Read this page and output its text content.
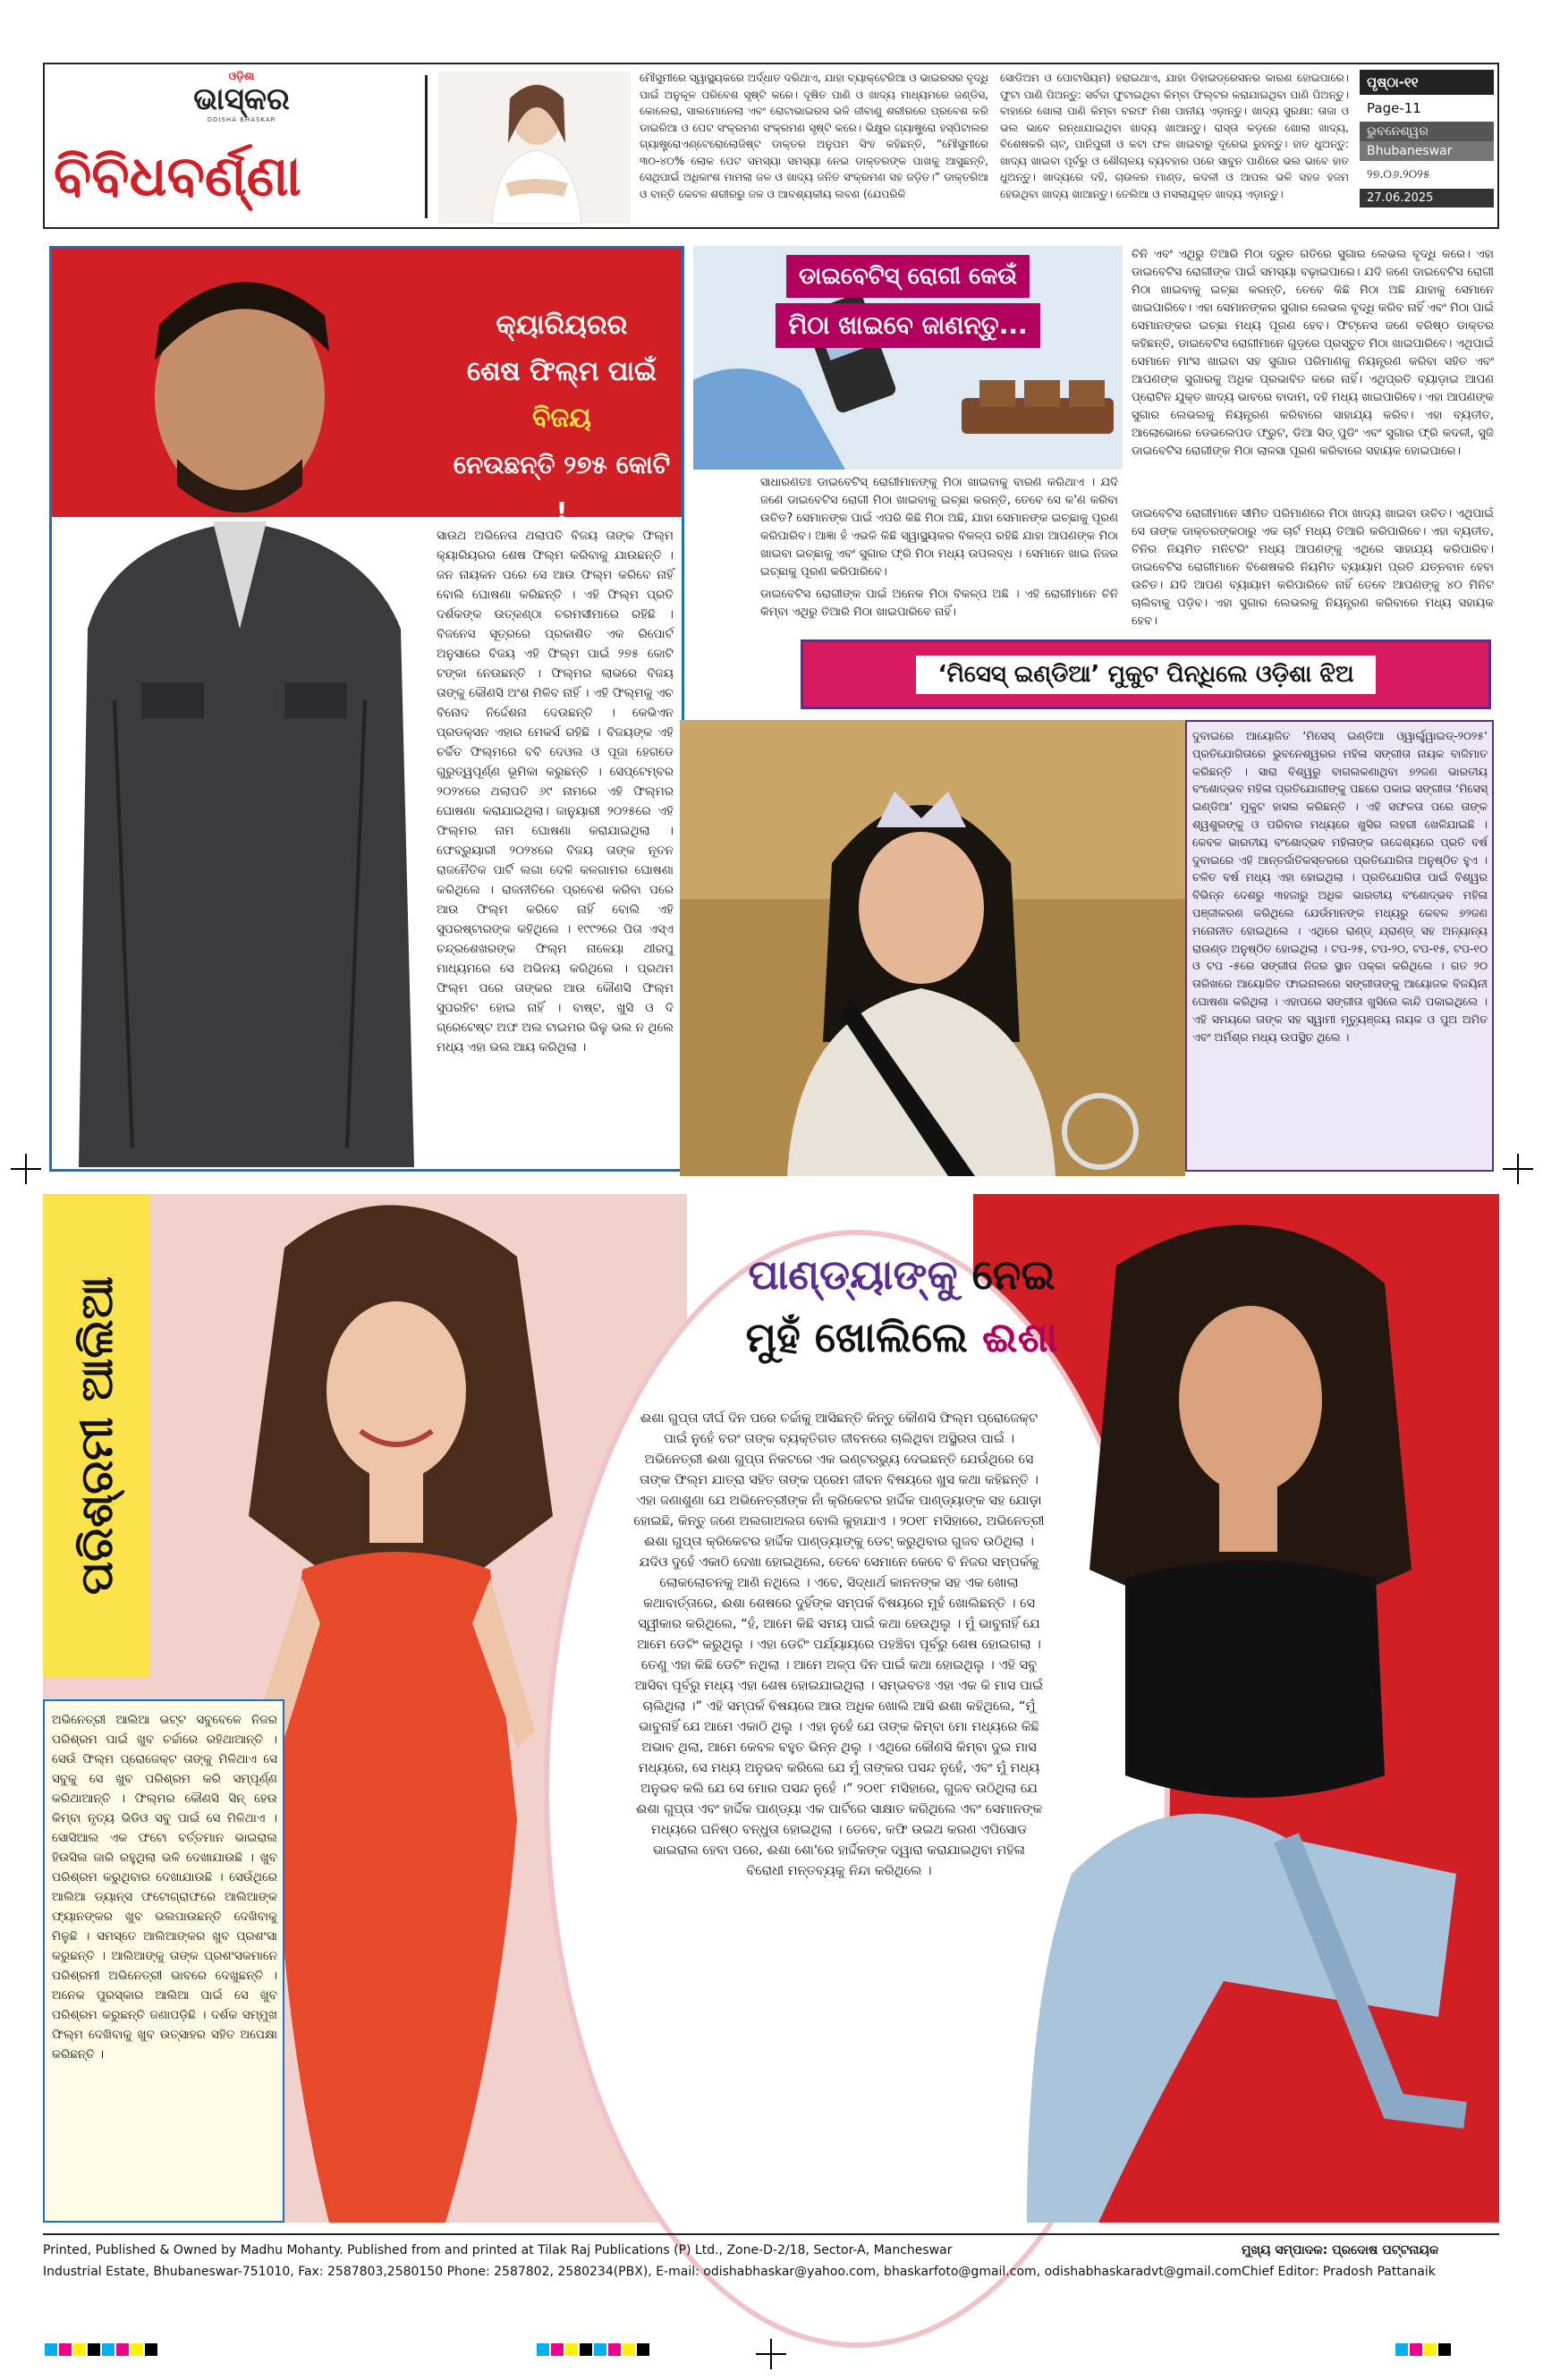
ଓଡ଼ିଶା
ଭାସ୍କର
ODISHA BHASKAR
ବିବିଧବର୍ଣ୍ଣା
ମୌସୁମୀରେ ସ୍ୱାସ୍ଥ୍ୟକରେ ଅର୍ଦ୍ଧାତ ଦରିଥାଏ, ଯାହା ବ୍ୟାକ୍ଟେରିଆ ଓ ଭାଇରସର ବୃଦ୍ଧି ପାଇଁ ଅନୁକୂଳ ପରିବେଶ ସୃଷ୍ଟି କରେ। ଦୂଷିତ ପାଣି ଓ ଖାଦ୍ୟ ମାଧ୍ୟମରେ ଜଣ୍ଡିସ, କୋଲେରା, ସାଲମୋନେଲା ଏବଂ ରୋଟାଭାଇରସ ଭଳି ଜୀବାଣୁ ଶରୀରରେ ପ୍ରବେଶ କରି ଡାଇରିଆ ଓ ପେଟ ସଂକ୍ରମଣ ସଂକ୍ରମଣ ସୃଷ୍ଟି କରେ। ଭିକ୍ଷୁର ଗ୍ୟାଷ୍ଟ୍ରୋ ହସ୍ପିଟାଲର ଗ୍ୟାଷ୍ଟ୍ରୋଏଣ୍ଟେରୋଲୋଜିଷ୍ଟ ଡାକ୍ତର ଅନୁପମ ସିଂହ କହିଛନ୍ତି, “ମୌସୁମୀରେ ୩୦-୪୦% ଲୋକ ପେଟ ସମସ୍ୟା ସମସ୍ୟା ନେଇ ଡାକ୍ତରଙ୍କ ପାଖକୁ ଆସୁଛନ୍ତି, ସେଥିପାଇଁ ଅଧିକାଂଶ ମାମଲା ଜଳ ଓ ଖାଦ୍ୟ ଜନିତ ସଂକ୍ରମଣ ସହ ଜଡ଼ିତ।” ଡାକ୍ତରିଆ ଓ ବାନ୍ତି କେବଳ ଶରୀରରୁ ଜଳ ଓ ଆବଶ୍ୟକୀୟ ଲବଣ (ଯେପରିକି
ସୋଡିଅମ ଓ ପୋଟାସିୟମ) ହରାଇଥାଏ, ଯାହା ଡିହାଇଡ୍ରେସନର କାରଣ ହୋଇପାରେ। ଫୁଟା ପାଣି ପିଅନ୍ତୁ: ସର୍ବଦା ଫୁଟାଇଥିବା କିମ୍ବା ଫିଲ୍ଟର କରାଯାଇଥିବା ପାଣି ପିଅନ୍ତୁ। ବାହାରେ ଖୋଲା ପାଣି କିମ୍ବା ବରଫ ମିଶା ପାନୀୟ ଏଡ଼ାନ୍ତୁ। ଖାଦ୍ୟ ସୁରକ୍ଷା: ତାଜା ଓ ଭଲ ଭାବେ ରନ୍ଧାଯାଇଥିବା ଖାଦ୍ୟ ଖାଆନ୍ତୁ। ରାସ୍ତା କଡ଼ରେ ଖୋଲା ଖାଦ୍ୟ, ବିଶେଷକରି ଚାଟ୍, ପାନିପୁରୀ ଓ କଟା ଫଳ ଖାଇବାରୁ ଦୂରେଇ ରୁହନ୍ତୁ। ହାତ ଧୁଅନ୍ତୁ: ଖାଦ୍ୟ ଖାଇବା ପୂର୍ବରୁ ଓ ଶୌଚାଳୟ ବ୍ୟବହାର ପରେ ସାବୁନ ପାଣିରେ ଭଲ ଭାବେ ହାତ ଧୁଅନ୍ତୁ। ଖାଦ୍ୟରେ ଦହି, ଚାଉଳର ମାଣ୍ଡ, କଦଳୀ ଓ ଆପଲ ଭଳି ସହଜ ହଜମ ହେଉଥିବା ଖାଦ୍ୟ ଖାଆନ୍ତୁ। ତେଲିଆ ଓ ମସଲାଯୁକ୍ତ ଖାଦ୍ୟ ଏଡ଼ାନ୍ତୁ।
ପୃଷ୍ଠା-୧୧
Page-11
ଭୁବନେଶ୍ୱର
Bhubaneswar
୨୭.୦୬.୨୦୨୫
27.06.2025
କ୍ୟାରିୟରର
ଶେଷ ଫିଲ୍ମ ପାଇଁ ବିଜୟ
ନେଉଛନ୍ତି ୨୭୫ କୋଟି !
ସାଉଥ ଅଭିନେତା ଥଲାପତି ବିଜୟ ତାଙ୍କ ଫିଲ୍ମ କ୍ୟାରିୟରର ଶେଷ ଫିଲ୍ମ କରିବାକୁ ଯାଉଛନ୍ତି । ଜନ ନାୟକନ ପରେ ସେ ଆଉ ଫିଲ୍ମ କରିବେ ନାହିଁ ବୋଲି ଘୋଷଣା କରିଛନ୍ତି । ଏହି ଫିଲ୍ମ ପ୍ରତି ଦର୍ଶକଙ୍କ ଉତ୍କଣ୍ଠା ଚରମସୀମାରେ ରହିଛି । ବିଜନେସ ସୂତ୍ରରେ ପ୍ରକାଶିତ ଏକ ରିପୋର୍ଟ ଅନୁସାରେ ବିଜୟ ଏହି ଫିଲ୍ମ ପାଇଁ ୨୭୫ କୋଟି ଟଙ୍କା ନେଉଛନ୍ତି । ଫିଲ୍ମର ଲାଭରେ ବିଜୟ ତାଙ୍କୁ କୌଣସି ଅଂଶ ମିଳିବ ନାହିଁ । ଏହି ଫିଲ୍ମକୁ ଏଚ ବିନୋଦ ନିର୍ଦ୍ଦେଶନା ଦେଉଛନ୍ତି । କେଭିଏନ ପ୍ରଡକ୍ସନ ଏହାର ମେକର୍ସ ରହିଛି । ବିଜୟଙ୍କ ଏହି ଚର୍ଚ୍ଚିତ ଫିଲ୍ମରେ ବବି ଦେଓଲ ଓ ପୂଜା ହେଗଡେ ଗୁରୁତ୍ୱପୂର୍ଣ୍ଣ ଭୂମିକା କରୁଛନ୍ତି । ସେପ୍ଟେମ୍ବର ୨୦୨୪ରେ ଥଲାପତି ୬୯ ନାମରେ ଏହି ଫିଲ୍ମର ଘୋଷଣା କରାଯାଇଥିଲା। ଜାନୁୟାରୀ ୨୦୨୫ରେ ଏହି ଫିଲ୍ମର ନାମ ଘୋଷଣା କରାଯାଇଥିଲା । ଫେବ୍ରୁୟାରୀ ୨୦୨୪ରେ ବିଜୟ ତାଙ୍କ ନୂତନ ରାଜନୈତିକ ପାର୍ଟି ଲଗା ଦେଳି କଳଗାମର ଘୋଷଣା କରିଥିଲେ । ରାଜନୀତିରେ ପ୍ରବେଶ କରିବା ପରେ ଆଉ ଫିଲ୍ମ କରିବେ ନାହିଁ ବୋଲି ଏହି ସୁପରଷ୍ଟାରଙ୍କ କହିଥିଲେ । ୧୯୯୨ରେ ପିତା ଏସ୍‍ଏ ଚନ୍ଦ୍ରଶେଖରଙ୍କ ଫିଲ୍ମ ନାଳେୟା ଥୀରପୁ ମାଧ୍ୟମରେ ସେ ଅଭିନୟ କରିଥିଲେ । ପ୍ରଥମ ଫିଲ୍ମ ପରେ ତାଙ୍କର ଆଉ କୌଣସି ଫିଲ୍ମ ସୁପରହିଟ ହୋଇ ନାହିଁ । ବାଷ୍ଟ, ଖୁସି ଓ ଦି ଗ୍ରେଟେଷ୍ଟ ଅଫ ଅଲ ଟାଇମର ଭିଳୁ ଭଲ ନ ଥିଲେ ମଧ୍ୟ ଏହା ଭଲ ଆୟ କରିଥିଲା ।
ଡାଇବେଟିସ୍ ରୋଗୀ କେଉଁ
ମିଠା ଖାଇବେ ଜାଣନ୍ତୁ...
ସାଧାରଣତଃ ଡାଇବେଟିସ୍ ରୋଗୀମାନଙ୍କୁ ମିଠା ଖାଇବାକୁ ବାରଣ କରିଥାଏ । ଯଦି ଜଣେ ଡାଇବେଟିସ ରୋଗୀ ମିଠା ଖାଇବାକୁ ଇଚ୍ଛା କରନ୍ତି, ତେବେ ସେ କ'ଣ କରିବା ଉଚିତ? ସେମାନଙ୍କ ପାଇଁ ଏପରି କିଛି ମିଠା ଅଛି, ଯାହା ସେମାନଙ୍କ ଇଚ୍ଛାକୁ ପୂରଣ କରିପାରିବ। ଆଜ୍ଞା ହଁ ଏଭଳି କିଛି ସ୍ୱାସ୍ଥ୍ୟକର ବିକଳ୍ପ ରହିଛି ଯାହା ଆପଣଙ୍କ ମିଠା ଖାଇବା ଇଚ୍ଛାକୁ ଏବଂ ସୁଗାର ଫ୍ରି ମିଠା ମଧ୍ୟ ଉପଲବ୍ଧ । ସେମାନେ ଖାଇ ନିଜର ଇଚ୍ଛାକୁ ପୂରଣ କରିପାରିବେ।
ଡାଇବେଟିସ ରୋଗୀଙ୍କ ପାଇଁ ଅନେକ ମିଠା ବିକଳ୍ପ ଅଛି । ଏହି ରୋଗୀମାନେ ଚିନି କିମ୍ବା ଏଥିରୁ ତିଆରି ମିଠା ଖାଇପାରିବେ ନାହିଁ।
ଚିନି ଏବଂ ଏଥିରୁ ତିଆରି ମିଠା ଦ୍ରୁତ ଗତିରେ ସୁଗାର ଲେଭଲ ବୃଦ୍ଧି କରେ। ଏହା ଡାଇବେଟିସ ରୋଗୀଙ୍କ ପାଇଁ ସମସ୍ୟା ବଢ଼ାଇପାରେ। ଯଦି ଜଣେ ଡାଇବେଟିସ ରୋଗୀ ମିଠା ଖାଇବାକୁ ଇଚ୍ଛା କରନ୍ତି, ତେବେ କିଛି ମିଠା ଅଛି ଯାହାକୁ ସେମାନେ ଖାଇପାରିବେ। ଏହା ସେମାନଙ୍କର ସୁଗାର ଲେଭଲ ବୃଦ୍ଧି କରିବ ନାହିଁ ଏବଂ ମିଠା ପାଇଁ ସେମାନଙ୍କର ଇଚ୍ଛା ମଧ୍ୟ ପୂରଣ ହେବ। ଫିଟ୍ନେସ ଜଣେ ବରିଷ୍ଠ ଡାକ୍ତର କହିଛନ୍ତି, ଡାଇବେଟିସ ରୋଗୀମାନେ ଗୁଡ଼ରେ ପ୍ରସ୍ତୁତ ମିଠା ଖାଇପାରିବେ। ଏଥିପାଇଁ ସେମାନେ ମାଂସ ଖାଇବା ସହ ସୁଗାର ପରିମାଣକୁ ନିୟନ୍ତ୍ରଣ କରିବା ସହିତ ଏବଂ ଆପଣଙ୍କ ସୁଗାରକୁ ଅଧିକ ପ୍ରଭାବିତ କରେ ନାହିଁ। ଏଥିପ୍ରତି ବ୍ୟାଡ଼ାଇ ଆପଣ ପ୍ରୋଟିନ ଯୁକ୍ତ ଖାଦ୍ୟ ଭାବରେ ବାଦାମ, ଦହି ମଧ୍ୟ ଖାଇପାରିବେ। ଏହା ଆପଣଙ୍କ ସୁଗାର ଲେଭଲକୁ ନିୟନ୍ତ୍ରଣ କରିବାରେ ସାହାଯ୍ୟ କରିବ। ଏହା ବ୍ୟତୀତ, ଆଲୋଭୋରେ ଡେଭଲେପଡ ଫ୍ରୁଟ, ଡିଆ ସିଡ୍ ପୁଡିଂ ଏବଂ ସୁଗାର ଫ୍ରି କଦଳୀ, ସୁଜି ଡାଇବେଟିସ ରୋଗୀଙ୍କ ମିଠା ଲାଳସା ପୂରଣ କରିବାରେ ସହାୟକ ହୋଇପାରେ।
ଡାଇବେଟିସ ରୋଗୀମାନେ ସୀମିତ ପରିମାଣରେ ମିଠା ଖାଦ୍ୟ ଖାଇବା ଉଚିତ। ଏଥିପାଇଁ ସେ ତାଙ୍କ ଡାକ୍ତରଙ୍କଠାରୁ ଏକ ଚାର୍ଟ ମଧ୍ୟ ତିଆରି କରିପାରିବେ। ଏହା ବ୍ୟତୀତ, ଚିନିର ନିୟମିତ ମନିଟରିଂ ମଧ୍ୟ ଆପଣଙ୍କୁ ଏଥିରେ ସାହାଯ୍ୟ କରିପାରିବ। ଡାଇବେଟିସ ରୋଗୀମାନେ ବିଶେଷକରି ନିୟମିତ ବ୍ୟାୟାମ ପ୍ରତି ଯତ୍ନବାନ ହେବା ଉଚିତ। ଯଦି ଆପଣ ବ୍ୟାୟାମ କରିପାରିବେ ନାହିଁ ତେବେ ଆପଣଙ୍କୁ ୪୦ ମିନିଟ ଚାଲିବାକୁ ପଡ଼ିବ। ଏହା ସୁଗାର ଲେଭଲକୁ ନିୟନ୍ତ୍ରଣ କରିବାରେ ମଧ୍ୟ ସହାୟକ ହେବ।
‘ମିସେସ୍ ଇଣ୍ଡିଆ’ ମୁକୁଟ ପିନ୍ଧିଲେ ଓଡ଼ିଶା ଝିଅ
ଦୁବାଇରେ ଆୟୋଜିତ ‘ମିସେସ୍ ଇଣ୍ଡିଆ ଓ୍ୱାର୍ଲ୍ଡ୍ୱାଇଡ୍-୨୦୨୫’ ପ୍ରତିଯୋଗିତାରେ ଭୁବନେଶ୍ୱରର ମହିଳା ସଙ୍ଗୀତା ନାୟକ ବାଜିମାତ କରିଛନ୍ତି । ସାରା ବିଶ୍ୱରୁ ବାଗଲକଣାଥିବା ୭୨ଜଣ ଭାରତୀୟ ବଂଶୋଦ୍ଭବ ମହିଳା ପ୍ରତିଯୋଗୀଙ୍କୁ ପଛରେ ପକାଇ ସଙ୍ଗୀତା ‘ମିସେସ୍ ଇଣ୍ଡିଆ’ ମୁକୁଟ ହାସଲ କରିଛନ୍ତି । ଏହି ସଫଳତା ପରେ ତାଙ୍କ ଶ୍ୱଶୁରଙ୍କୁ ଓ ପରିବାର ମଧ୍ୟରେ ଖୁସିର ଲହରୀ ଖେଳିଯାଇଛି । କେବଳ ଭାରତୀୟ ବଂଶୋଦ୍ଭବ ମହିଳାଙ୍କ ଉଦ୍ଦେଶ୍ୟରେ ପ୍ରତି ବର୍ଷ ଦୁବାଇରେ ଏହି ଆନ୍ତର୍ଜାତିକସ୍ତରରେ ପ୍ରତିଯୋଗିତା ଅନୁଷ୍ଠିତ ହୁଏ । ଚଳିତ ବର୍ଷ ମଧ୍ୟ ଏହା ହୋଇଥିଲା । ପ୍ରତିଯୋଗିତା ପାଇଁ ବିଶ୍ୱର ବିଭିନ୍ନ ଦେଶରୁ ୩ହଜାରୁ ଅଧିକ ଭାରତୀୟ ବଂଶୋଦ୍ଭବ ମହିଳା ପଞ୍ଜୀକରଣ କରିଥିଲେ ଯେଉଁମାନଙ୍କ ମଧ୍ୟରୁ କେବଳ ୭୨ଜଣ ମନୋନୀତ ହୋଇଥିଲେ । ଏଥିରେ ରାଣ୍ଡ୍ ଯ୍ରାଣ୍ଡ୍ ସହ ଅନ୍ୟାନ୍ୟ ରାଉଣ୍ଡ ଅନୁଷ୍ଠିତ ହୋଇଥିଲା । ଟପ-୨୫, ଟପ-୨୦, ଟପ-୧୫, ଟପ-୧୦ ଓ ଟପ -୫ରେ ସଙ୍ଗୀତା ନିଜର ସ୍ଥାନ ପକ୍କା କରିଥିଲେ । ଗତ ୨୦ ତାରିଖରେ ଆୟୋଜିତ ଫାଇନାଲରେ ସଙ୍ଗୀତାଙ୍କୁ ଆୟୋଜକ ବିଜୟିନୀ ଘୋଷଣା କରିଥିଲା । ଏହାପରେ ସଙ୍ଗୀତା ଖୁସିରେ କାନ୍ଦି ପକାଇଥିଲେ । ଏହି ସମୟରେ ତାଙ୍କ ସହ ସ୍ୱାମୀ ମୃତ୍ୟୁଞ୍ଜୟ ନାୟକ ଓ ପୁଅ ଅମିତ ଏବଂ ଅର୍ମିଶ୍ର ମଧ୍ୟ ଉପସ୍ଥିତ ଥିଲେ ।
ପରିଶ୍ରମୀ ଆଲିଆ
ଅଭିନେତ୍ରୀ ଆଲିଆ ଭଟ୍ଟ ସବୁବେଳେ ନିଜର ପରିଶ୍ରମ ପାଇଁ ଖୁବ ଚର୍ଚ୍ଚାରେ ରହିଥାଆନ୍ତି । ସେଉଁ ଫିଲ୍ମ ପ୍ରୋଜେକ୍ଟ ତାଙ୍କୁ ମିଳିଥାଏ ସେ ସବୁକୁ ସେ ଖୁବ ପରିଶ୍ରମ କରି ସମ୍ପୂର୍ଣ୍ଣ କରିଥାଆନ୍ତି । ଫିଲ୍ମର କୌଣସି ସିନ୍ ହେଉ କିମ୍ବା ନୃତ୍ୟ ଭିଡିଓ ସବୁ ପାଇଁ ସେ ମିଳିଥାଏ । ସୋସିଆଲ ଏକ ଫଟୋ ବର୍ତ୍ତମାନ ଭାଇରାଲ ହିଉସିଲ ଜାରି ରହୁଥିଲା ଭଳି ଦେଖାଯାଉଛି । ଖୁବ ପରିଶ୍ରମ କରୁଥିବାର ଦେଖାଯାଉଛି । ସେଉଁଥିରେ ଆଲିଆ ଡ୍ୟାନ୍ସ ଫଟୋଗ୍ରାଫରେ ଆଲିଆଙ୍କ ଫ୍ୟାନଙ୍କର ଖୁବ ଭଲପାଉଛନ୍ତି ଦେଖିବାକୁ ମିଳୁଛି । ସମସ୍ତେ ଆଲିଆଙ୍କର ଖୁବ ପ୍ରଶଂସା କରୁଛନ୍ତି । ଆଲିଆଙ୍କୁ ତାଙ୍କ ପ୍ରଶଂସକମାନେ ପରିଶ୍ରମୀ ଅଭିନେତ୍ରୀ ଭାବରେ ଦେଖୁଛନ୍ତି । ଅନେକ ପୁରସ୍କାର ଆଲିଆ ପାଇଁ ସେ ଖୁବ ପରିଶ୍ରମ କରୁଛନ୍ତି ଜଣାପଡ଼ିଛି । ଦର୍ଶକ ସମ୍ମୁଖ ଫିଲ୍ମ ଦେଖିବାକୁ ଖୁବ ଉତ୍ସାହର ସହିତ ଅପେକ୍ଷା କରିଛନ୍ତି ।
ପାଣ୍ଡ୍ୟାଙ୍କୁ ନେଇ
ମୁହଁ ଖୋଲିଲେ ଈଶା
ଈଶା ଗୁପ୍ତା ଦୀର୍ଘ ଦିନ ପରେ ଚର୍ଚ୍ଚାକୁ ଆସିଛନ୍ତି କିନ୍ତୁ କୌଣସି ଫିଲ୍ମ ପ୍ରୋଜେକ୍ଟ ପାଇଁ ନୁହେଁ ବରଂ ତାଙ୍କ ବ୍ୟକ୍ତିଗତ ଜୀବନରେ ଚାଲିଥିବା ଅସ୍ଥିରତା ପାଇଁ । ଅଭିନେତ୍ରୀ ଈଶା ଗୁପ୍ତା ନିକଟରେ ଏକ ଇଣ୍ଟରଭ୍ୟୁ ଦେଇଛନ୍ତି ଯେଉଁଥିରେ ସେ ତାଙ୍କ ଫିଲ୍ମ ଯାତ୍ରା ସହିତ ତାଙ୍କ ପ୍ରେମ ଜୀବନ ବିଷୟରେ ଖୁସ କଥା କହିଛନ୍ତି । ଏହା ଜଣାଶୁଣା ଯେ ଅଭିନେତ୍ରୀଙ୍କ ନାଁ କ୍ରିକେଟର ହାର୍ଦ୍ଦିକ ପାଣ୍ଡ୍ୟାଙ୍କ ସହ ଯୋଡ଼ା ହୋଇଛି, କିନ୍ତୁ ଜଣେ ଅଲଗାଅଲଗ ବୋଲି କୁହାଯାଏ । ୨୦୧୮ ମସିହାରେ, ଅଭିନେତ୍ରୀ ଈଶା ଗୁପ୍ତା କ୍ରିକେଟର ହାର୍ଦ୍ଦିକ ପାଣ୍ଡ୍ୟାଙ୍କୁ ଡେଟ୍ କରୁଥିବାର ଗୁଜବ ଉଠିଥିଲା । ଯଦିଓ ଦୁହେଁ ଏକାଠି ଦେଖା ହୋଇଥିଲେ, ତେବେ ସେମାନେ କେବେ ବି ନିଜର ସମ୍ପର୍କକୁ ଲୋକଲୋଚନକୁ ଆଣି ନଥିଲେ । ଏବେ, ସିଦ୍ଧାର୍ଥ କାନନଙ୍କ ସହ ଏକ ଖୋଲା କଥାବାର୍ତ୍ତାରେ, ଈଶା ଶେଷରେ ଦୁହିଁଙ୍କ ସମ୍ପର୍କ ବିଷୟରେ ମୁହଁ ଖୋଲିଛନ୍ତି । ସେ ସ୍ୱୀକାର କରିଥିଲେ, “ହଁ, ଆମେ କିଛି ସମୟ ପାଇଁ କଥା ହେଉଥିଲୁ । ମୁଁ ଭାବୁନାହିଁ ଯେ ଆମେ ଡେଟିଂ କରୁଥିଲୁ । ଏହା ଡେଟିଂ ପର୍ଯ୍ୟାୟରେ ପହଞ୍ଚିବା ପୂର୍ବରୁ ଶେଷ ହୋଇଗଲା । ତେଣୁ ଏହା କିଛି ଡେଟିଂ ନଥିଲା । ଆମେ ଅଳ୍ପ ଦିନ ପାଇଁ କଥା ହୋଇଥିଲୁ । ଏହି ସବୁ ଆସିବା ପୂର୍ବରୁ ମଧ୍ୟ ଏହା ଶେଷ ହୋଇଯାଇଥିଲା । ସମ୍ଭବତଃ ଏହା ଏକ କି ମାସ ପାଇଁ ଚାଲିଥିଲା ।” ଏହି ସମ୍ପର୍କ ବିଷୟରେ ଆଉ ଅଧିକ ଖୋଲି ଆସି ଈଶା କହିଥିଲେ, “ମୁଁ ଭାବୁନାହିଁ ଯେ ଆମେ ଏକାଠି ଥିଲୁ । ଏହା ନୁହେଁ ଯେ ତାଙ୍କ କିମ୍ବା ମୋ ମଧ୍ୟରେ କିଛି ଅଭାବ ଥିଲା, ଆମେ କେବଳ ବହୁତ ଭିନ୍ନ ଥିଲୁ । ଏଥିରେ କୌଣସି କିମ୍ବା ଦୁଇ ମାସ ମଧ୍ୟରେ, ସେ ମଧ୍ୟ ଅନୁଭବ କରିଲେ ଯେ ମୁଁ ତାଙ୍କର ପସନ୍ଦ ନୁହେଁ, ଏବଂ ମୁଁ ମଧ୍ୟ ଅନୁଭବ କଲି ଯେ ସେ ମୋର ପସନ୍ଦ ନୁହେଁ ।” ୨୦୧୮ ମସିହାରେ, ଗୁଜବ ଉଠିଥିଲା ଯେ ଈଶା ଗୁପ୍ତା ଏବଂ ହାର୍ଦ୍ଦିକ ପାଣ୍ଡ୍ୟା ଏକ ପାର୍ଟିରେ ସାକ୍ଷାତ କରିଥିଲେ ଏବଂ ସେମାନଙ୍କ ମଧ୍ୟରେ ଘନିଷ୍ଠ ବନ୍ଧୁତା ହୋଇଥିଲା । ତେବେ, କଫି ଉଇଥ କରଣ ଏପିସୋଡ ଭାଇରାଲ ହେବା ପରେ, ଈଶା ଶୋ'ରେ ହାର୍ଦ୍ଦିକଙ୍କ ଦ୍ୱାରା କରାଯାଇଥିବା ମହିଳା ବିରୋଧୀ ମନ୍ତବ୍ୟକୁ ନିନ୍ଦା କରିଥିଲେ ।
Printed, Published & Owned by Madhu Mohanty. Published from and printed at Tilak Raj Publications (P) Ltd., Zone-D-2/18, Sector-A, Mancheswar
Industrial Estate, Bhubaneswar-751010, Fax: 2587803,2580150 Phone: 2587802, 2580234(PBX), E-mail: odishabhaskar@yahoo.com, bhaskarfoto@gmail.com, odishabhaskaradvt@gmail.com
ମୁଖ୍ୟ ସମ୍ପାଦକ: ପ୍ରଦୋଷ ପଟ୍ଟନାୟକ
Chief Editor: Pradosh Pattanaik
